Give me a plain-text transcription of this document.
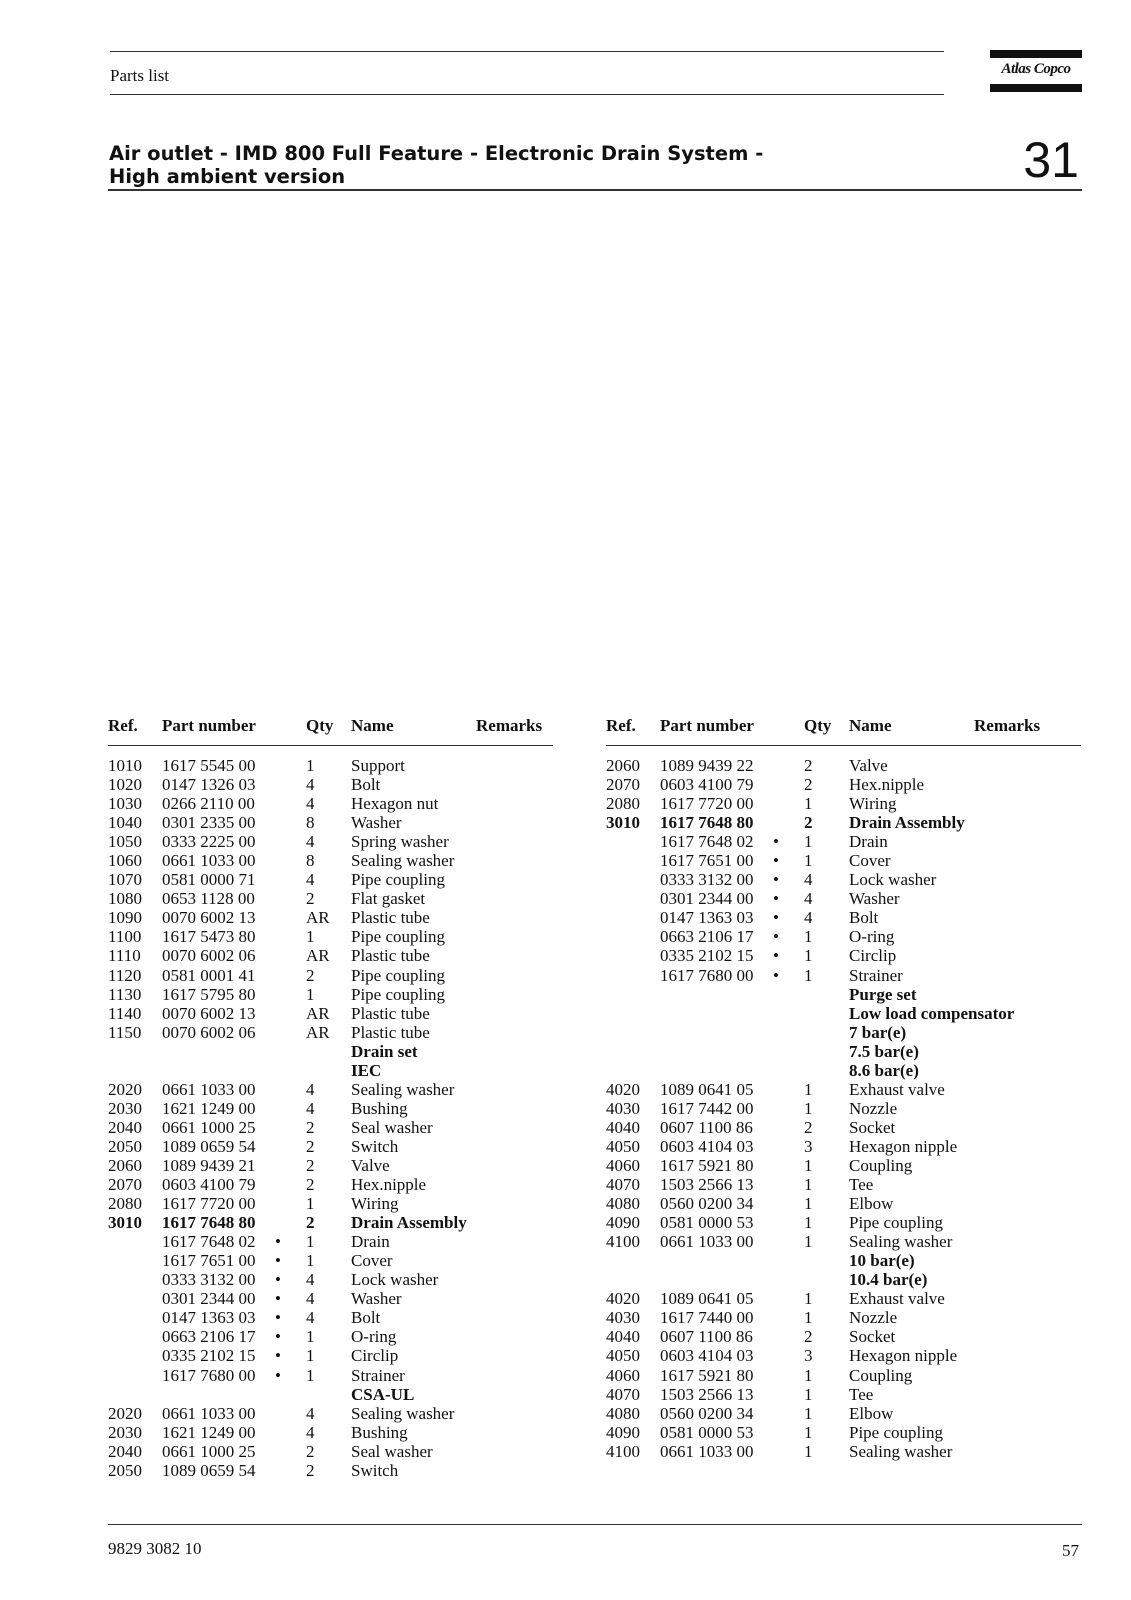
Parts list	Atlas Copco
Air outlet - IMD 800 Full Feature - Electronic Drain System -
High ambient version	31
Ref. Part number	Qty Name	Remarks
1010 1617 5545 00	1 Support
1020 0147 1326 03	4 Bolt
1030 0266 2110 00	4 Hexagon nut
1040 0301 2335 00	8 Washer
1050 0333 2225 00	4 Spring washer
1060 0661 1033 00	8 Sealing washer
1070 0581 0000 71	4 Pipe coupling
1080 0653 1128 00	2 Flat gasket
1090 0070 6002 13	AR Plastic tube
1100 1617 5473 80	1 Pipe coupling
1110 0070 6002 06	AR Plastic tube
1120 0581 0001 41	2 Pipe coupling
1130 1617 5795 80	1 Pipe coupling
1140 0070 6002 13	AR Plastic tube
1150 0070 6002 06	AR Plastic tube
Drain set
IEC
2020 0661 1033 00	4 Sealing washer
2030 1621 1249 00	4 Bushing
2040 0661 1000 25	2 Seal washer
2050 1089 0659 54	2 Switch
2060 1089 9439 21	2 Valve
2070 0603 4100 79	2 Hex.nipple
2080 1617 7720 00	1 Wiring
3010 1617 7648 80	2 Drain Assembly
1617 7648 02 • 1 Drain
1617 7651 00 • 1 Cover
0333 3132 00 • 4 Lock washer
0301 2344 00 • 4 Washer
0147 1363 03 • 4 Bolt
0663 2106 17 • 1 O-ring
0335 2102 15 • 1 Circlip
1617 7680 00 • 1 Strainer
CSA-UL
2020 0661 1033 00	4 Sealing washer
2030 1621 1249 00	4 Bushing
2040 0661 1000 25	2 Seal washer
2050 1089 0659 54	2 Switch
Ref. Part number	Qty Name	Remarks
2060 1089 9439 22	2 Valve
2070 0603 4100 79	2 Hex.nipple
2080 1617 7720 00	1 Wiring
3010 1617 7648 80	2 Drain Assembly
1617 7648 02 • 1 Drain
1617 7651 00 • 1 Cover
0333 3132 00 • 4 Lock washer
0301 2344 00 • 4 Washer
0147 1363 03 • 4 Bolt
0663 2106 17 • 1 O-ring
0335 2102 15 • 1 Circlip
1617 7680 00 • 1 Strainer
Purge set
Low load compensator
7 bar(e)
7.5 bar(e)
8.6 bar(e)
4020 1089 0641 05	1 Exhaust valve
4030 1617 7442 00	1 Nozzle
4040 0607 1100 86	2 Socket
4050 0603 4104 03	3 Hexagon nipple
4060 1617 5921 80	1 Coupling
4070 1503 2566 13	1 Tee
4080 0560 0200 34	1 Elbow
4090 0581 0000 53	1 Pipe coupling
4100 0661 1033 00	1 Sealing washer
10 bar(e)
10.4 bar(e)
4020 1089 0641 05	1 Exhaust valve
4030 1617 7440 00	1 Nozzle
4040 0607 1100 86	2 Socket
4050 0603 4104 03	3 Hexagon nipple
4060 1617 5921 80	1 Coupling
4070 1503 2566 13	1 Tee
4080 0560 0200 34	1 Elbow
4090 0581 0000 53	1 Pipe coupling
4100 0661 1033 00	1 Sealing washer
9829 3082 10	57
